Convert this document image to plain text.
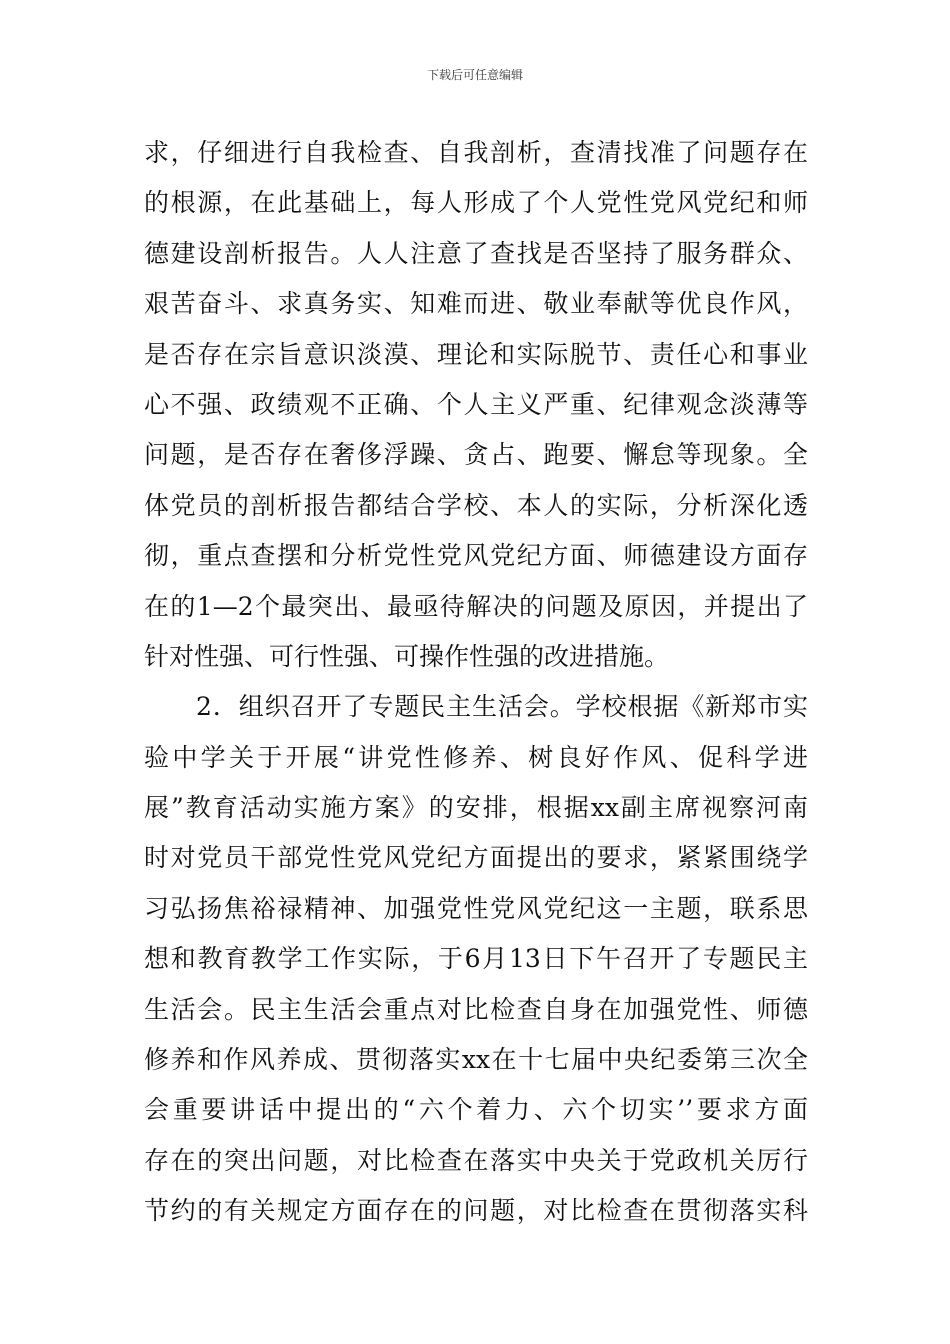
下载后可任意编辑
求，仔细进行自我检查、自我剖析，查清找准了问题存在
的根源，在此基础上，每人形成了个人党性党风党纪和师
德建设剖析报告。人人注意了查找是否坚持了服务群众、
艰苦奋斗、求真务实、知难而进、敬业奉献等优良作风，
是否存在宗旨意识淡漠、理论和实际脱节、责任心和事业
心不强、政绩观不正确、个人主义严重、纪律观念淡薄等
问题，是否存在奢侈浮躁、贪占、跑要、懈怠等现象。全
体党员的剖析报告都结合学校、本人的实际，分析深化透
彻，重点查摆和分析党性党风党纪方面、师德建设方面存
在的1—2个最突出、最亟待解决的问题及原因，并提出了
针对性强、可行性强、可操作性强的改进措施。
2．组织召开了专题民主生活会。学校根据《新郑市实
验中学关于开展“讲党性修养、树良好作风、促科学进
展”教育活动实施方案》的安排，根据xx副主席视察河南
时对党员干部党性党风党纪方面提出的要求，紧紧围绕学
习弘扬焦裕禄精神、加强党性党风党纪这一主题，联系思
想和教育教学工作实际，于6月13日下午召开了专题民主
生活会。民主生活会重点对比检查自身在加强党性、师德
修养和作风养成、贯彻落实xx在十七届中央纪委第三次全
会重要讲话中提出的“六个着力、六个切实’’要求方面
存在的突出问题，对比检查在落实中央关于党政机关厉行
节约的有关规定方面存在的问题，对比检查在贯彻落实科
